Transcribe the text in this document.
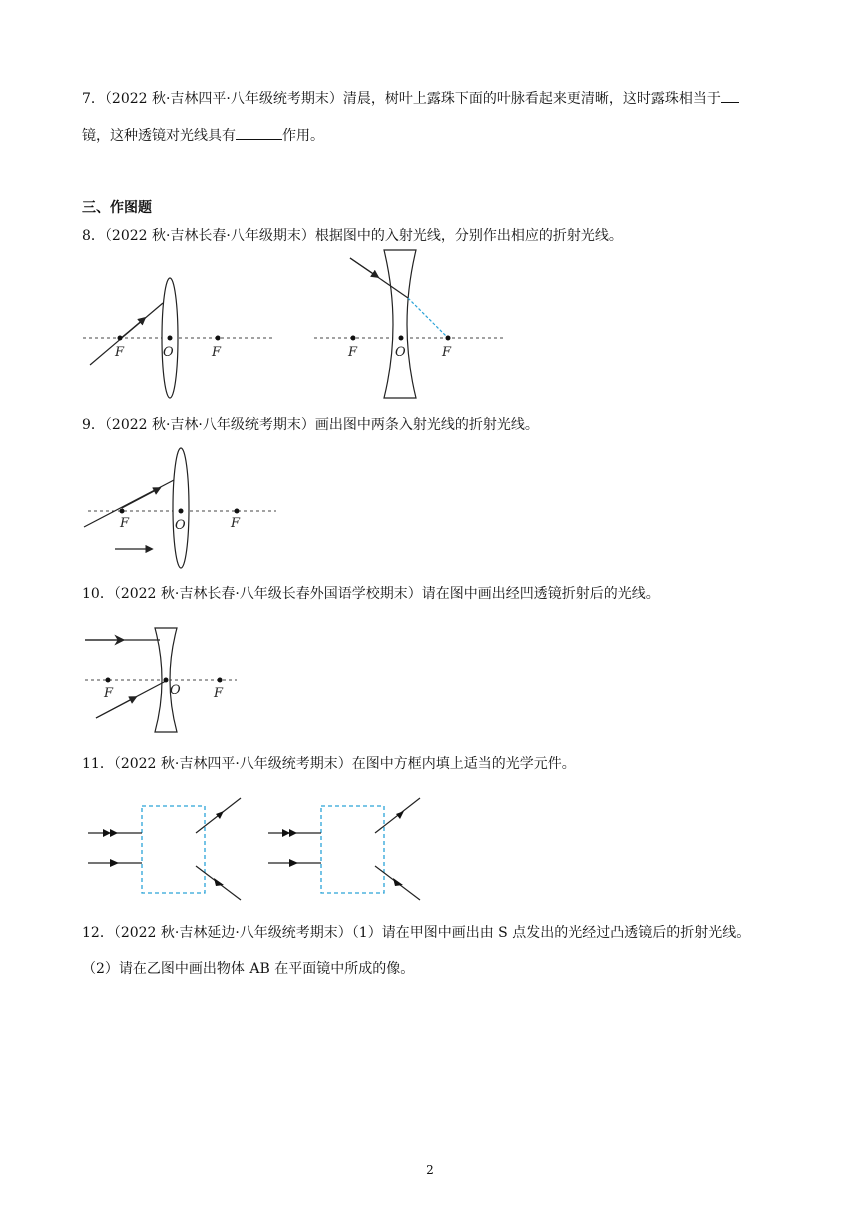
7．（2022 秋·吉林四平·八年级统考期末）清晨，树叶上露珠下面的叶脉看起来更清晰，这时露珠相当于
镜，这种透镜对光线具有	作用。
三、作图题
8．（2022 秋·吉林长春·八年级期末）根据图中的入射光线，分别作出相应的折射光线。
F	O	F	F	O	F
9．（2022 秋·吉林·八年级统考期末）画出图中两条入射光线的折射光线。
F	O	F
10．（2022 秋·吉林长春·八年级长春外国语学校期末）请在图中画出经凹透镜折射后的光线。
F	O	F
11．（2022 秋·吉林四平·八年级统考期末）在图中方框内填上适当的光学元件。
12．（2022 秋·吉林延边·八年级统考期末）（1）请在甲图中画出由 S 点发出的光经过凸透镜后的折射光线。
（2）请在乙图中画出物体 AB 在平面镜中所成的像。
2
